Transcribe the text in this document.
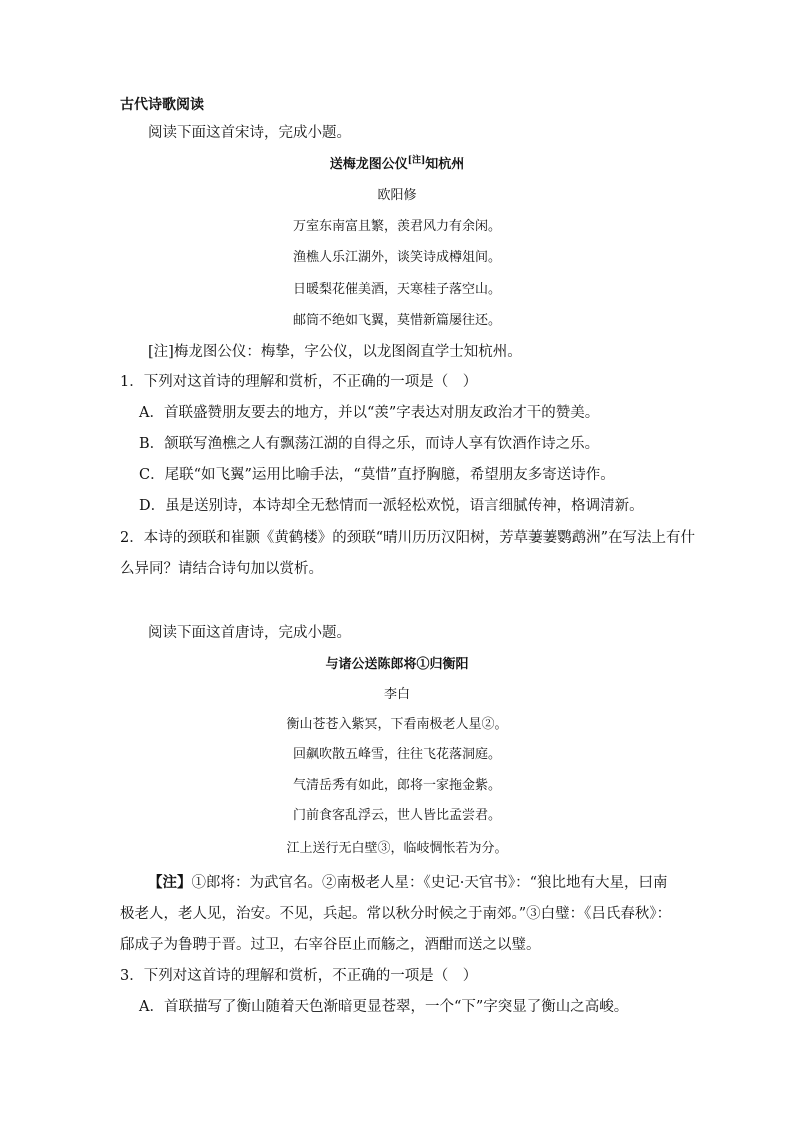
古代诗歌阅读
阅读下面这首宋诗，完成小题。
送梅龙图公仪[注]知杭州
欧阳修
万室东南富且繁，羡君风力有余闲。
渔樵人乐江湖外，谈笑诗成樽俎间。
日暖梨花催美酒，天寒桂子落空山。
邮筒不绝如飞翼，莫惜新篇屡往还。
[注]梅龙图公仪：梅挚，字公仪，以龙图阁直学士知杭州。
1．下列对这首诗的理解和赏析，不正确的一项是（　）
A．首联盛赞朋友要去的地方，并以“羡”字表达对朋友政治才干的赞美。
B．颔联写渔樵之人有飘荡江湖的自得之乐，而诗人享有饮酒作诗之乐。
C．尾联“如飞翼”运用比喻手法，“莫惜”直抒胸臆，希望朋友多寄送诗作。
D．虽是送别诗，本诗却全无愁情而一派轻松欢悦，语言细腻传神，格调清新。
2．本诗的颈联和崔颢《黄鹤楼》的颈联“晴川历历汉阳树，芳草萋萋鹦鹉洲”在写法上有什
么异同？请结合诗句加以赏析。
阅读下面这首唐诗，完成小题。
与诸公送陈郎将①归衡阳
李白
衡山苍苍入紫冥，下看南极老人星②。
回飙吹散五峰雪，往往飞花落洞庭。
气清岳秀有如此，郎将一家拖金紫。
门前食客乱浮云，世人皆比孟尝君。
江上送行无白壁③，临岐惆怅若为分。
【注】①郎将：为武官名。②南极老人星：《史记·天官书》：“狼比地有大星，曰南
极老人，老人见，治安。不见，兵起。常以秋分时候之于南郊。”③白璧：《吕氏春秋》：
郈成子为鲁聘于晋。过卫，右宰谷臣止而觞之，酒酣而送之以璧。
3．下列对这首诗的理解和赏析，不正确的一项是（　）
A．首联描写了衡山随着天色渐暗更显苍翠，一个“下”字突显了衡山之高峻。
